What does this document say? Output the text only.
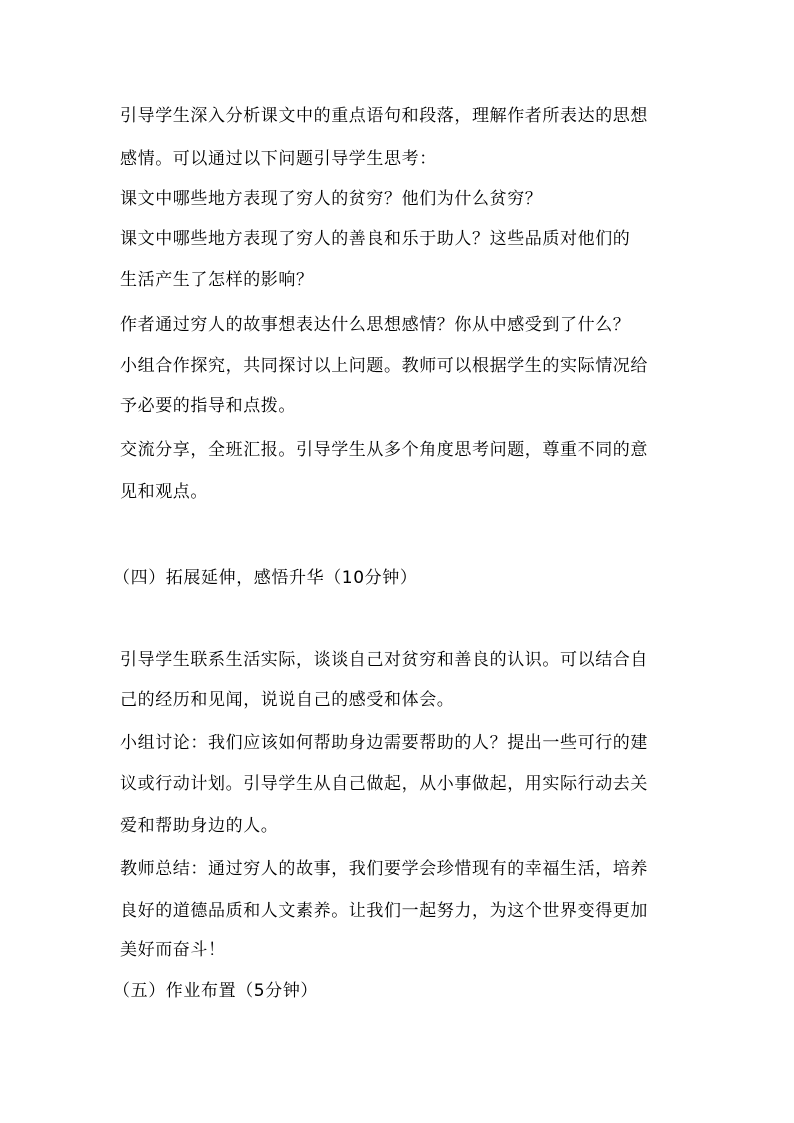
引导学生深入分析课文中的重点语句和段落，理解作者所表达的思想
感情。可以通过以下问题引导学生思考：
课文中哪些地方表现了穷人的贫穷？他们为什么贫穷？
课文中哪些地方表现了穷人的善良和乐于助人？这些品质对他们的
生活产生了怎样的影响？
作者通过穷人的故事想表达什么思想感情？你从中感受到了什么？
小组合作探究，共同探讨以上问题。教师可以根据学生的实际情况给
予必要的指导和点拨。
交流分享，全班汇报。引导学生从多个角度思考问题，尊重不同的意
见和观点。
（四）拓展延伸，感悟升华（10分钟）
引导学生联系生活实际，谈谈自己对贫穷和善良的认识。可以结合自
己的经历和见闻，说说自己的感受和体会。
小组讨论：我们应该如何帮助身边需要帮助的人？提出一些可行的建
议或行动计划。引导学生从自己做起，从小事做起，用实际行动去关
爱和帮助身边的人。
教师总结：通过穷人的故事，我们要学会珍惜现有的幸福生活，培养
良好的道德品质和人文素养。让我们一起努力，为这个世界变得更加
美好而奋斗！
（五）作业布置（5分钟）
